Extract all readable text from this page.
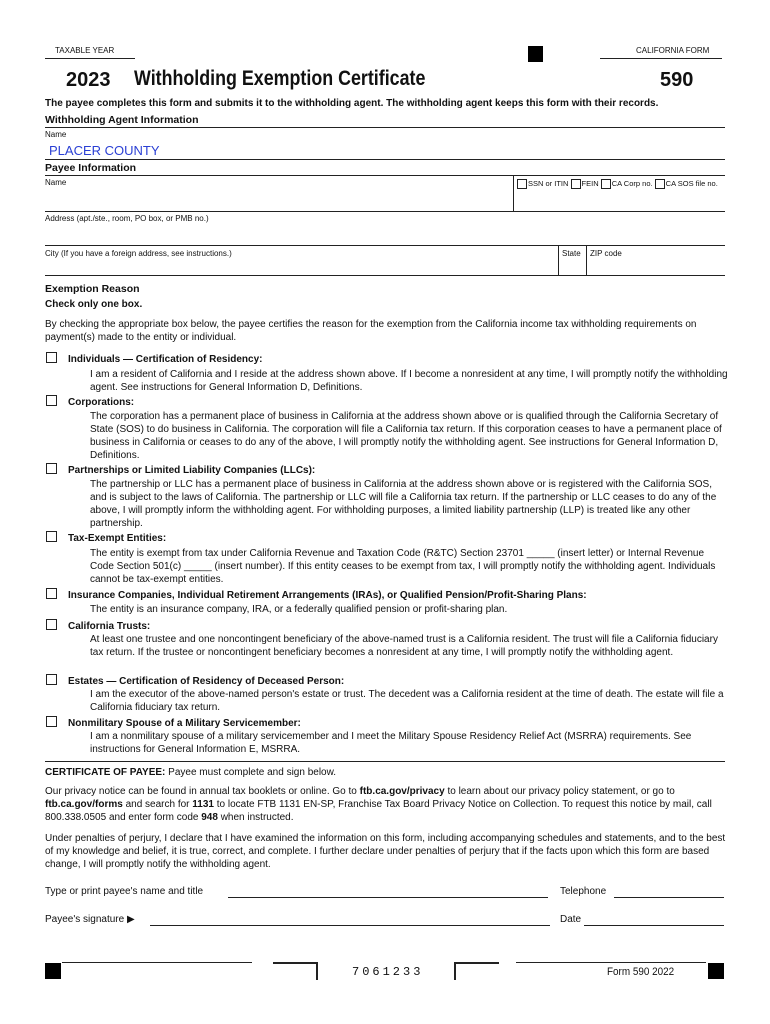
TAXABLE YEAR	CALIFORNIA FORM
2023 Withholding Exemption Certificate	590
The payee completes this form and submits it to the withholding agent. The withholding agent keeps this form with their records.
Withholding Agent Information
Name
PLACER COUNTY
Payee Information
Name	SSN or ITIN FEIN CA Corp no. CA SOS file no.
Address (apt./ste., room, PO box, or PMB no.)
City (If you have a foreign address, see instructions.)	State ZIP code
Exemption Reason
Check only one box.
By checking the appropriate box below, the payee certifies the reason for the exemption from the California income tax withholding requirements on payment(s) made to the entity or individual.
Individuals — Certification of Residency:
I am a resident of California and I reside at the address shown above. If I become a nonresident at any time, I will promptly notify the withholding agent. See instructions for General Information D, Definitions.
Corporations:
The corporation has a permanent place of business in California at the address shown above or is qualified through the California Secretary of State (SOS) to do business in California. The corporation will file a California tax return. If this corporation ceases to have a permanent place of business in California or ceases to do any of the above, I will promptly notify the withholding agent. See instructions for General Information D, Definitions.
Partnerships or Limited Liability Companies (LLCs):
The partnership or LLC has a permanent place of business in California at the address shown above or is registered with the California SOS, and is subject to the laws of California. The partnership or LLC will file a California tax return. If the partnership or LLC ceases to do any of the above, I will promptly inform the withholding agent. For withholding purposes, a limited liability partnership (LLP) is treated like any other partnership.
Tax-Exempt Entities:
The entity is exempt from tax under California Revenue and Taxation Code (R&TC) Section 23701 _____ (insert letter) or Internal Revenue Code Section 501(c) _____ (insert number). If this entity ceases to be exempt from tax, I will promptly notify the withholding agent. Individuals cannot be tax-exempt entities.
Insurance Companies, Individual Retirement Arrangements (IRAs), or Qualified Pension/Profit-Sharing Plans:
The entity is an insurance company, IRA, or a federally qualified pension or profit-sharing plan.
California Trusts:
At least one trustee and one noncontingent beneficiary of the above-named trust is a California resident. The trust will file a California fiduciary tax return. If the trustee or noncontingent beneficiary becomes a nonresident at any time, I will promptly notify the withholding agent.
Estates — Certification of Residency of Deceased Person:
I am the executor of the above-named person's estate or trust. The decedent was a California resident at the time of death. The estate will file a California fiduciary tax return.
Nonmilitary Spouse of a Military Servicemember:
I am a nonmilitary spouse of a military servicemember and I meet the Military Spouse Residency Relief Act (MSRRA) requirements. See instructions for General Information E, MSRRA.
CERTIFICATE OF PAYEE: Payee must complete and sign below.
Our privacy notice can be found in annual tax booklets or online. Go to ftb.ca.gov/privacy to learn about our privacy policy statement, or go to ftb.ca.gov/forms and search for 1131 to locate FTB 1131 EN-SP, Franchise Tax Board Privacy Notice on Collection. To request this notice by mail, call 800.338.0505 and enter form code 948 when instructed.
Under penalties of perjury, I declare that I have examined the information on this form, including accompanying schedules and statements, and to the best of my knowledge and belief, it is true, correct, and complete. I further declare under penalties of perjury that if the facts upon which this form are based change, I will promptly notify the withholding agent.
Type or print payee's name and title	Telephone
Payee's signature ▶	Date
7061233	Form 590 2022
